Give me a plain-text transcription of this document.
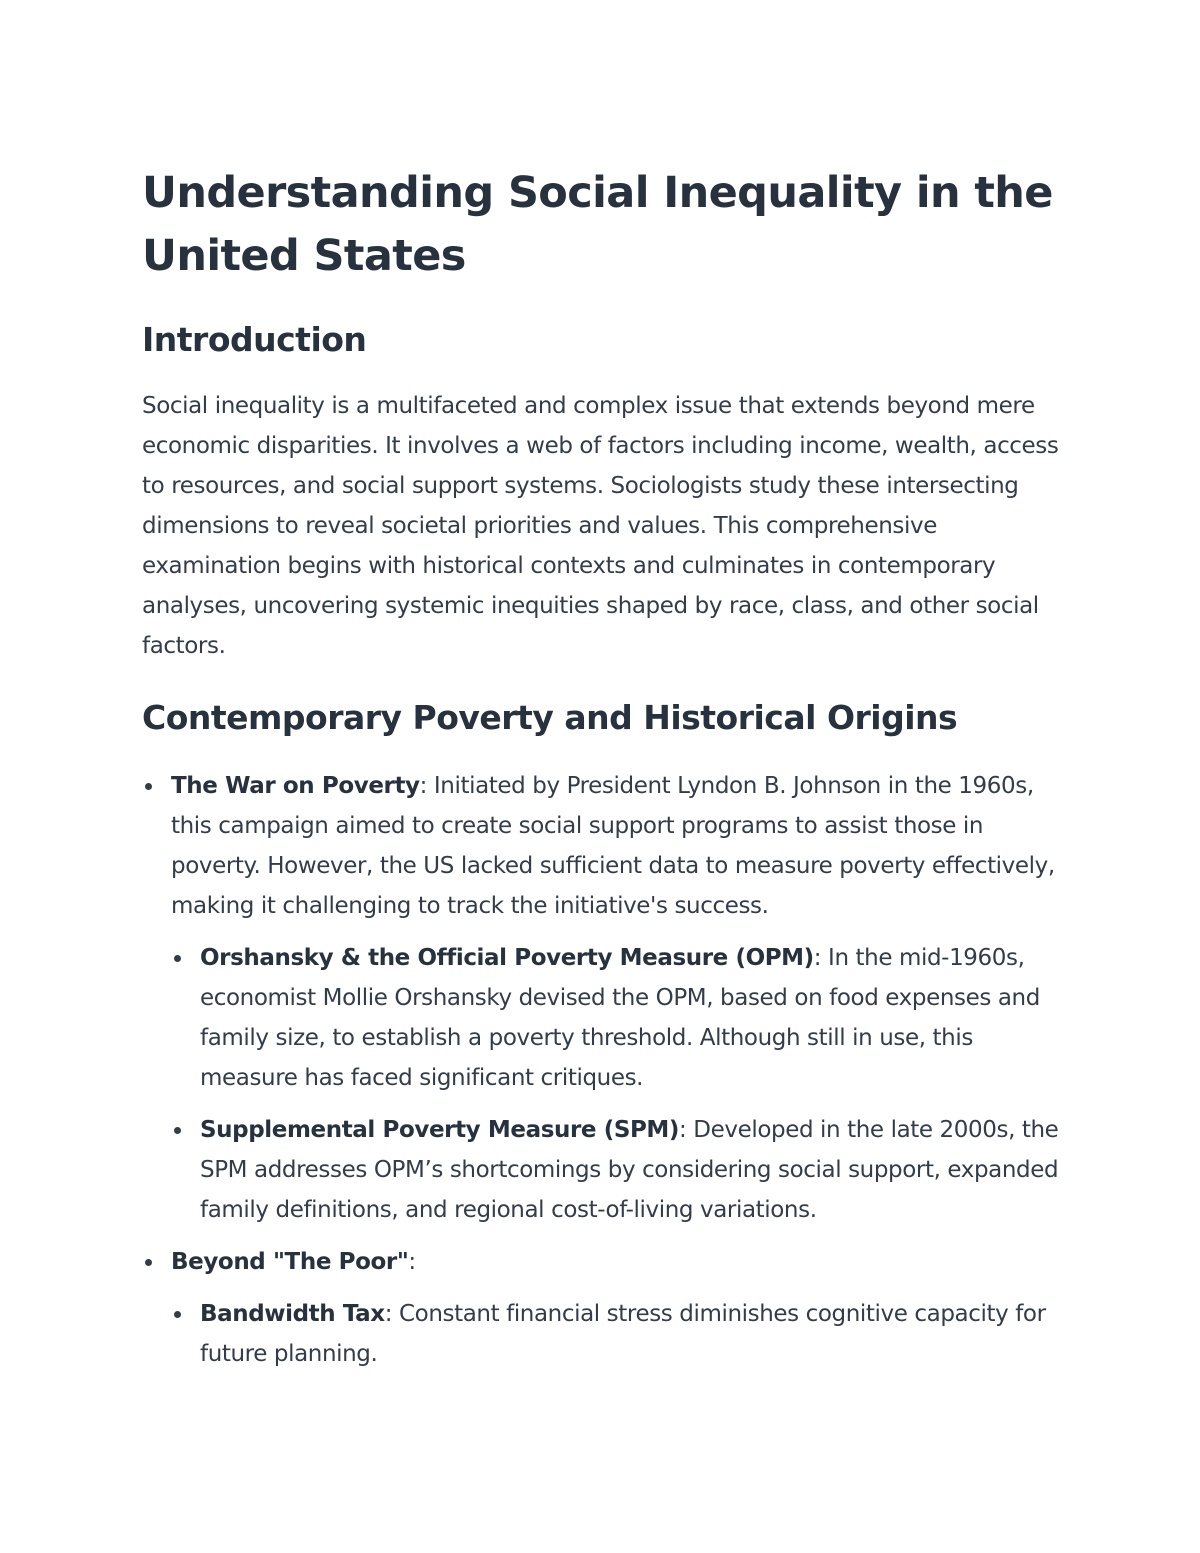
Understanding Social Inequality in the United States
Introduction

Social inequality is a multifaceted and complex issue that extends beyond mere economic disparities. It involves a web of factors including income, wealth, access to resources, and social support systems. Sociologists study these intersecting dimensions to reveal societal priorities and values. This comprehensive examination begins with historical contexts and culminates in contemporary analyses, uncovering systemic inequities shaped by race, class, and other social factors.

Contemporary Poverty and Historical Origins
The War on Poverty: Initiated by President Lyndon B. Johnson in the 1960s, this campaign aimed to create social support programs to assist those in poverty. However, the US lacked sufficient data to measure poverty effectively, making it challenging to track the initiative's success.
Orshansky & the Official Poverty Measure (OPM): In the mid-1960s, economist Mollie Orshansky devised the OPM, based on food expenses and family size, to establish a poverty threshold. Although still in use, this measure has faced significant critiques.
Supplemental Poverty Measure (SPM): Developed in the late 2000s, the SPM addresses OPM’s shortcomings by considering social support, expanded family definitions, and regional cost-of-living variations.
Beyond "The Poor":
Bandwidth Tax: Constant financial stress diminishes cognitive capacity for future planning.
